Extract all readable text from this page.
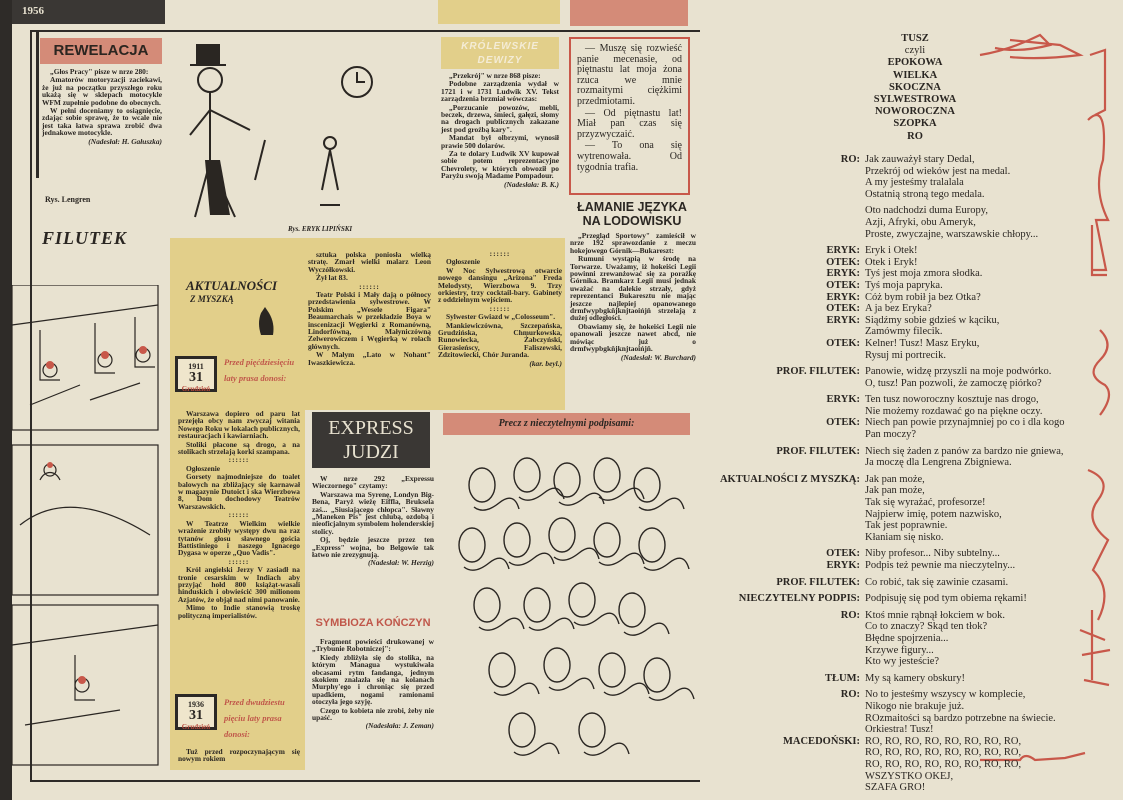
1956
REWELACJA

„Głos Pracy" pisze w nrze 280:

Amatorów motoryzacji zaciekawi, że już na początku przyszłego roku ukażą się w sklepach motocykle WFM zupełnie podobne do obecnych.

W pełni doceniamy to osiągnięcie, zdając sobie sprawę, że to wcale nie jest taka łatwa sprawa zrobić dwa jednakowe motocykle.

(Nadesłał: H. Gałuszka)

Rys. Lengren
FILUTEK	Rys. ERYK LIPIŃSKI
KRÓLEWSKIE
DEWIZY

„Przekrój" w nrze 868 pisze:

Podobne zarządzenia wydał w 1721 i w 1731 Ludwik XV. Tekst zarządzenia brzmiał wówczas:

„Porzucanie powozów, mebli, beczek, drzewa, śmieci, gałęzi, słomy na drogach publicznych zakazane jest pod groźbą kary".

Mandat był olbrzymi, wynosił prawie 500 dolarów.

Za te dolary Ludwik XV kupował sobie potem reprezentacyjne Chevrolety, w których obwoził po Paryżu swoją Madame Pompadour.

(Nadesłała: B. K.)

— Muszę się rozwieść panie mecenasie, od piętnastu lat moja żona rzuca we mnie rozmaitymi ciężkimi przedmiotami.

— Od piętnastu lat! Miał pan czas się przyzwyczaić.

— To ona się wytrenowała. Od tygodnia trafia.

ŁAMANIE JĘZYKA
NA LODOWISKU

„Przegląd Sportowy" zamieścił w nrze 192 sprawozdanie z meczu hokejowego Górnik—Bukareszt:

Rumuni wystąpią w środę na Torwarze. Uważamy, iż hokeiści Legii powinni zrewanżować się za porażkę Górnika. Bramkarz Legii musi jednak uważać na dalekie strzały, gdyż reprezentanci Bukaresztu nie mając jeszcze najlepiej opanowanego drmfwypbgkňjknjtaoińjň strzelają z dużej odległości.

Obawiamy się, że hokeiści Legii nie opanowali jeszcze nawet abcd, nie mówiąc już o drmfwypbgkňjknjtaoińjň.

(Nadesłał: W. Burchard)

AKTUALNOŚCI
Z MYSZKĄ
1911
31
Grudzień
Przed pięćdziesięciu laty prasa donosi:

Warszawa dopiero od paru lat przejęła obcy nam zwyczaj witania Nowego Roku w lokalach publicznych, restauracjach i kawiarniach.

Stoliki płacone są drogo, a na stolikach strzelają korki szampana.

::::::

Ogłoszenie

Gorsety najmodniejsze do toalet balowych na zbliżający się karnawał w magazynie Dutoict i ska Wierzbowa 8, Dom dochodowy Teatrów Warszawskich.

::::::

W Teatrze Wielkim wielkie wrażenie zrobiły występy dwu na raz tytanów głosu sławnego gościa Battistiniego i naszego Ignacego Dygasa w operze „Quo Vadis".

::::::

Król angielski Jerzy V zasiadł na tronie cesarskim w Indiach aby przyjąć hołd 800 książąt-wasali hinduskich i obwieścić 300 milionom Azjatów, że objął nad nimi panowanie.

Mimo to Indie stanowią troskę polityczną imperialistów.

1936
31
Grudzień
Przed dwudziestu pięciu laty prasa donosi:

Tuż przed rozpoczynającym się nowym rokiem

sztuka polska poniosła wielką stratę. Zmarł wielki malarz Leon Wyczółkowski.

Żył lat 83.

::::::

Teatr Polski i Mały dają o północy przedstawienia sylwestrowe. W Polskim „Wesele Figara" Beaumarchais w przekładzie Boya w inscenizacji Węgierki z Romanówną, Lindorfówną, Małyniczówną Zelwerowiczem i Węgierką w rolach głównych.

W Małym „Lato w Nohant" Iwaszkiewicza.

::::::

Ogłoszenie

W Noc Sylwestrową otwarcie nowego dansingu „Arizona" Freda Melodysty, Wierzbowa 9. Trzy orkiestry, trzy cocktail-bary. Gabinety z oddzielnym wejściem.

::::::

Sylwester Gwiazd w „Colosseum".

Mankiewiczówna, Szczepańska, Grudzińska, Chmurkowska, Runowiecka, Żabczyński, Gierasieńscy, Faliszewski, Zdzitowiecki, Chór Juranda.

(kar. beyl.)

EXPRESS
JUDZI

W nrze 292 „Expressu Wieczornego" czytamy:

Warszawa ma Syrenę, Londyn Big-Bena, Paryż wieżę Eiffla, Bruksela zaś... „Siusiającego chłopca". Sławny „Maneken Pis" jest chlubą, ozdobą i nieoficjalnym symbolem holenderskiej stolicy.

Oj, będzie jeszcze przez ten „Express" wojna, bo Belgowie tak łatwo nie zrezygnują.

(Nadesłał: W. Herzig)

SYMBIOZA KOŃCZYN

Fragment powieści drukowanej w „Trybunie Robotniczej":

Kiedy zbliżyła się do stolika, na którym Managua wystukiwała obcasami rytm fandanga, jednym skokiem znalazła się na kolanach Murphy'ego i chroniąc się przed upadkiem, nogami ramionami otoczyła jego szyję.

Czego to kobieta nie zrobi, żeby nie upaść.

(Nadesłała: J. Zeman)

Precz z nieczytelnymi podpisami:
TUSZ
czyli
EPOKOWA
WIELKA
SKOCZNA
SYLWESTROWA
NOWOROCZNA
SZOPKA
RO
RO: Jak zauważył stary Dedal,
Przekrój od wieków jest na medal.
A my jesteśmy tralalala
Ostatnią stroną tego medala.
Oto nadchodzi duma Europy,
Azji, Afryki, obu Ameryk,
Proste, zwyczajne, warszawskie chłopy...
ERYK: Eryk i Otek!
OTEK: Otek i Eryk!
ERYK: Tyś jest moja zmora słodka.
OTEK: Tyś moja papryka.
ERYK: Cóż bym robił ja bez Otka?
OTEK: A ja bez Eryka?
ERYK: Siądźmy sobie gdzieś w kąciku,
Zamówmy filecik.
OTEK: Kelner! Tusz! Masz Eryku,
Rysuj mi portrecik.
PROF. FILUTEK: Panowie, widzę przyszli na moje podwórko.
O, tusz! Pan pozwoli, że zamoczę piórko?
ERYK: Ten tusz noworoczny kosztuje nas drogo,
Nie możemy rozdawać go na piękne oczy.
OTEK: Niech pan powie przynajmniej po co i dla kogo
Pan moczy?
PROF. FILUTEK: Niech się żaden z panów za bardzo nie gniewa,
Ja moczę dla Lengrena Zbigniewa.
AKTUALNOŚCI Z MYSZKĄ: Jak pan może,
Jak pan może,
Tak się wyrażać, profesorze!
Najpierw imię, potem nazwisko,
Tak jest poprawnie.
Kłaniam się nisko.
OTEK: Niby profesor... Niby subtelny...
ERYK: Podpis też pewnie ma nieczytelny...
PROF. FILUTEK: Co robić, tak się zawinie czasami.
NIECZYTELNY PODPIS: Podpisuję się pod tym obiema rękami!
RO: Ktoś mnie rąbnął łokciem w bok.
Co to znaczy? Skąd ten tłok?
Błędne spojrzenia...
Krzywe figury...
Kto wy jesteście?
TŁUM: My są kamery obskury!
RO: No to jesteśmy wszyscy w komplecie,
Nikogo nie brakuje już.
ROzmaitości są bardzo potrzebne na świecie.
Orkiestra! Tusz!
MACEDOŃSKI: RO, RO, RO, RO, RO, RO, RO, RO,
RO, RO, RO, RO, RO, RO, RO, RO,
RO, RO, RO, RO, RO, RO, RO, RO,
WSZYSTKO OKEJ,
SZAFA GRO!
